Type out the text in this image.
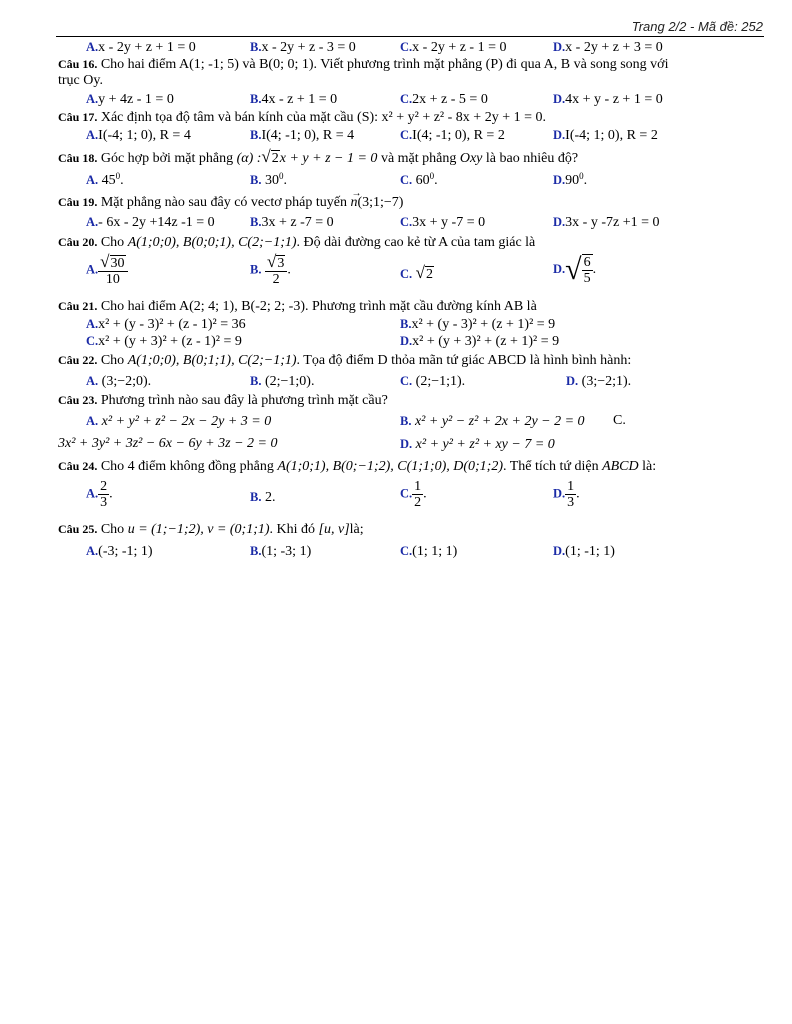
Trang 2/2 - Mã đề: 252
A.x - 2y + z + 1 = 0	B.x - 2y + z - 3 = 0	C.x - 2y + z - 1 = 0	D.x - 2y + z + 3 = 0
Câu 16. Cho hai điểm A(1; -1; 5) và B(0; 0; 1). Viết phương trình mặt phẳng (P) đi qua A, B và song song với
trục Oy.
A.y + 4z - 1 = 0	B.4x - z + 1 = 0	C.2x + z - 5 = 0	D.4x + y - z + 1 = 0
Câu 17. Xác định tọa độ tâm và bán kính của mặt cầu (S): x² + y² + z² - 8x + 2y + 1 = 0.
A.I(-4; 1; 0), R = 4	B.I(4; -1; 0), R = 4	C.I(4; -1; 0), R = 2	D.I(-4; 1; 0), R = 2
Câu 18. Góc hợp bởi mặt phẳng (α) :√2x + y + z − 1 = 0 và mặt phẳng Oxy là bao nhiêu độ?
A. $45^0$.	B. $30^0$.	C. $60^0$.	$D.90^0$.
Câu 19. Mặt phẳng nào sau đây có vectơ pháp tuyến
→
n(3;1;−7)
A.- 6x - 2y +14z -1 = 0	B.3x + z -7 = 0	C.3x + y -7 = 0	D.3x - y -7z +1 = 0
Câu 20. Cho A(1;0;0), B(0;0;1), C(2;−1;1). Độ dài đường cao kẻ từ A của tam giác là
A. $\frac{√30}{10}$	B. $\frac{√3}{2}$ .	C. √2	$D.√ \frac{6}{5}$ .
Câu 21. Cho hai điểm A(2; 4; 1), B(-2; 2; -3). Phương trình mặt cầu đường kính AB là
A.x² + (y - 3)² + (z - 1)² = 36	B.x² + (y - 3)² + (z + 1)² = 9
C.x² + (y + 3)² + (z - 1)² = 9	D.x² + (y + 3)² + (z + 1)² = 9
Câu 22. Cho A(1;0;0), B(0;1;1), C(2;−1;1). Tọa độ điểm D thỏa mãn tứ giác ABCD là hình bình hành:
A. (3;−2;0).	B. (2;−1;0).	C. (2;−1;1).	D. (3;−2;1).
Câu 23. Phương trình nào sau đây là phương trình mặt cầu?
A. x² + y² + z² − 2x − 2y + 3 = 0	B. x² + y² − z² + 2x + 2y − 2 = 0 C.
3x² + 3y² + 3z² − 6x − 6y + 3z − 2 = 0	D. x² + y² + z² + xy − 7 = 0
Câu 24. Cho 4 điểm không đồng phẳng A(1;0;1), B(0;−1;2), C(1;1;0), D(0;1;2). Thể tích tứ diện ABCD là:
A. $\frac{2}{3}$ .	B. 2.	C. $\frac{1}{2}$ .	D. $\frac{1}{3}$ .
Câu 25. Cho u = (1;−1;2), v = (0;1;1). Khi đó [u, v]là;
A.(-3; -1; 1)	B.(1; -3; 1)	C.(1; 1; 1)	D.(1; -1; 1)
